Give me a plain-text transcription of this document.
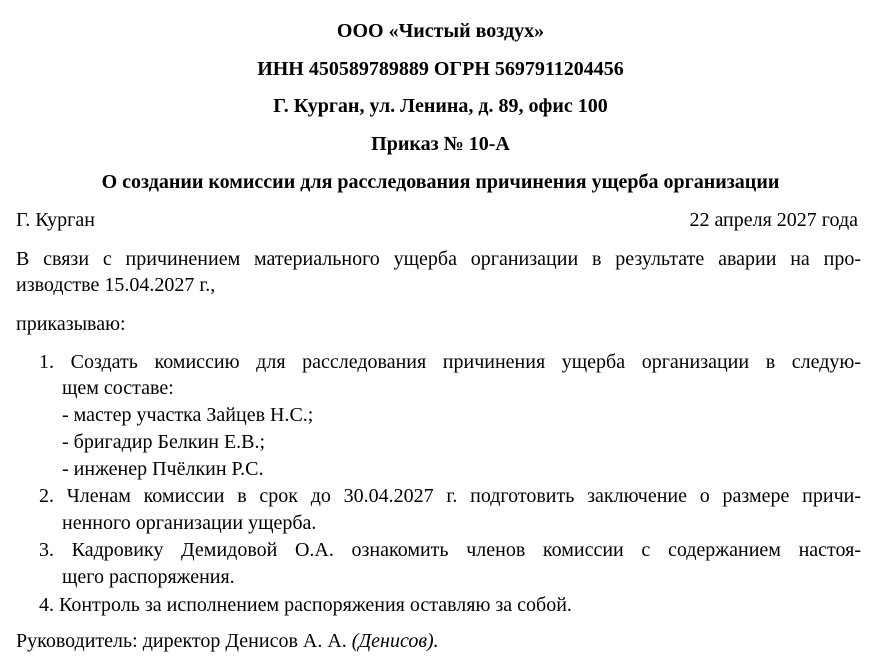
ООО «Чистый воздух»
ИНН 450589789889 ОГРН 5697911204456
Г. Курган, ул. Ленина, д. 89, офис 100
Приказ № 10-А
О создании комиссии для расследования причинения ущерба организации
Г. Курган	22 апреля 2027 года
В связи с причинением материального ущерба организации в результате аварии на про-
изводстве 15.04.2027 г.,
приказываю:
1. Создать комиссию для расследования причинения ущерба организации в следую-
щем составе:
- мастер участка Зайцев Н.С.;
- бригадир Белкин Е.В.;
- инженер Пчёлкин Р.С.
2. Членам комиссии в срок до 30.04.2027 г. подготовить заключение о размере причи-
ненного организации ущерба.
3. Кадровику Демидовой О.А. ознакомить членов комиссии с содержанием настоя-
щего распоряжения.
4. Контроль за исполнением распоряжения оставляю за собой.
Руководитель: директор Денисов А. А. (Денисов).
